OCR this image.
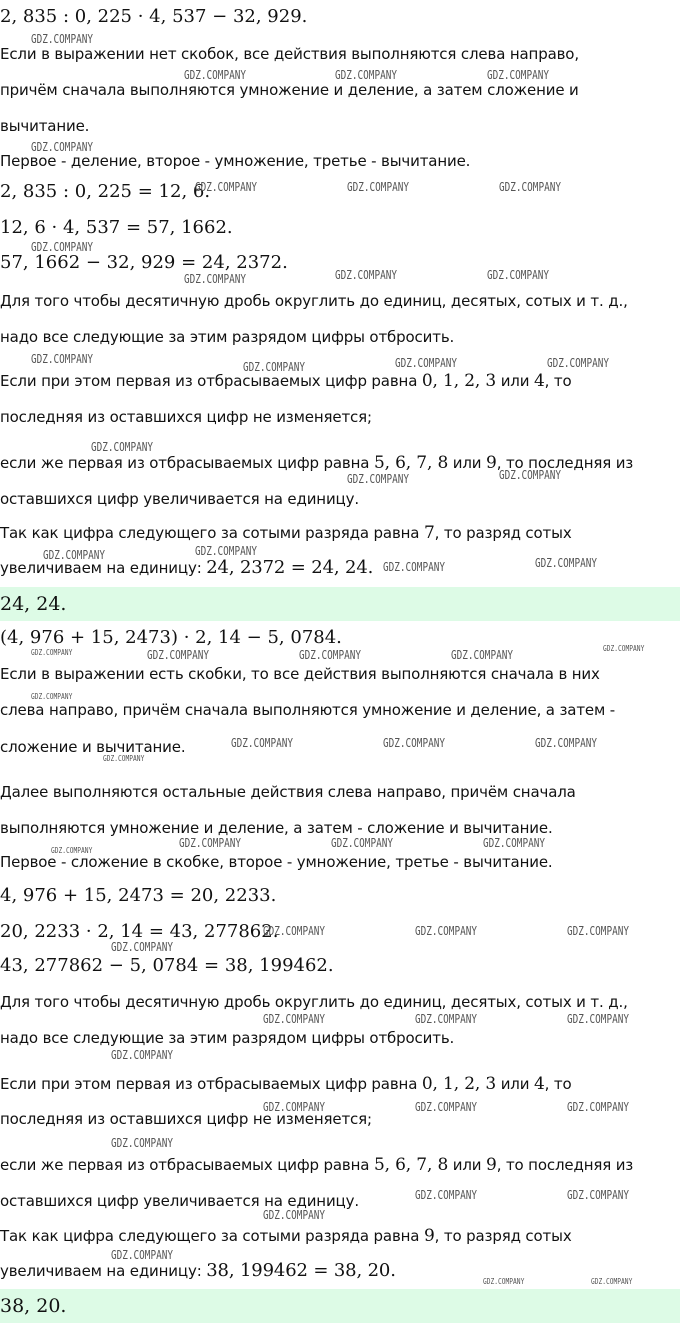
2, 835 : 0, 225 · 4, 537 − 32, 929.
Если в выражении нет скобок, все действия выполняются слева направо,
причём сначала выполняются умножение и деление, а затем сложение и
вычитание.
Первое - деление, второе - умножение, третье - вычитание.
2, 835 : 0, 225 = 12, 6.
12, 6 · 4, 537 = 57, 1662.
57, 1662 − 32, 929 = 24, 2372.
Для того чтобы десятичную дробь округлить до единиц, десятых, сотых и т. д.,
надо все следующие за этим разрядом цифры отбросить.
Если при этом первая из отбрасываемых цифр равна 0, 1, 2, 3 или 4, то
последняя из оставшихся цифр не изменяется;
если же первая из отбрасываемых цифр равна 5, 6, 7, 8 или 9, то последняя из
оставшихся цифр увеличивается на единицу.
Так как цифра следующего за сотыми разряда равна 7, то разряд сотых
увеличиваем на единицу: 24, 2372 = 24, 24.
24, 24.
(4, 976 + 15, 2473) · 2, 14 − 5, 0784.
Если в выражении есть скобки, то все действия выполняются сначала в них
слева направо, причём сначала выполняются умножение и деление, а затем -
сложение и вычитание.
Далее выполняются остальные действия слева направо, причём сначала
выполняются умножение и деление, а затем - сложение и вычитание.
Первое - сложение в скобке, второе - умножение, третье - вычитание.
4, 976 + 15, 2473 = 20, 2233.
20, 2233 · 2, 14 = 43, 277862.
43, 277862 − 5, 0784 = 38, 199462.
Для того чтобы десятичную дробь округлить до единиц, десятых, сотых и т. д.,
надо все следующие за этим разрядом цифры отбросить.
Если при этом первая из отбрасываемых цифр равна 0, 1, 2, 3 или 4, то
последняя из оставшихся цифр не изменяется;
если же первая из отбрасываемых цифр равна 5, 6, 7, 8 или 9, то последняя из
оставшихся цифр увеличивается на единицу.
Так как цифра следующего за сотыми разряда равна 9, то разряд сотых
увеличиваем на единицу: 38, 199462 = 38, 20.
38, 20.
GDZ.COMPANY
GDZ.COMPANY	GDZ.COMPANY	GDZ.COMPANY
GDZ.COMPANY
GDZ.COMPANY	GDZ.COMPANY	GDZ.COMPANY
GDZ.COMPANY
GDZ.COMPANY	GDZ.COMPANY	GDZ.COMPANY
GDZ.COMPANY
GDZ.COMPANY	GDZ.COMPANY	GDZ.COMPANY
GDZ.COMPANY
GDZ.COMPANY	GDZ.COMPANY
GDZ.COMPANY	GDZ.COMPANY
GDZ.COMPANY	GDZ.COMPANY
GDZ.COMPANY	GDZ.COMPANY	GDZ.COMPANY	GDZ.COMPANY	GDZ.COMPANY
GDZ.COMPANY
GDZ.COMPANY	GDZ.COMPANY	GDZ.COMPANY
GDZ.COMPANY
GDZ.COMPANY	GDZ.COMPANY	GDZ.COMPANY
GDZ.COMPANY
GDZ.COMPANY	GDZ.COMPANY	GDZ.COMPANY
GDZ.COMPANY
GDZ.COMPANY	GDZ.COMPANY	GDZ.COMPANY
GDZ.COMPANY
GDZ.COMPANY	GDZ.COMPANY	GDZ.COMPANY
GDZ.COMPANY
GDZ.COMPANY	GDZ.COMPANY
GDZ.COMPANY
GDZ.COMPANY
GDZ.COMPANY	GDZ.COMPANY
